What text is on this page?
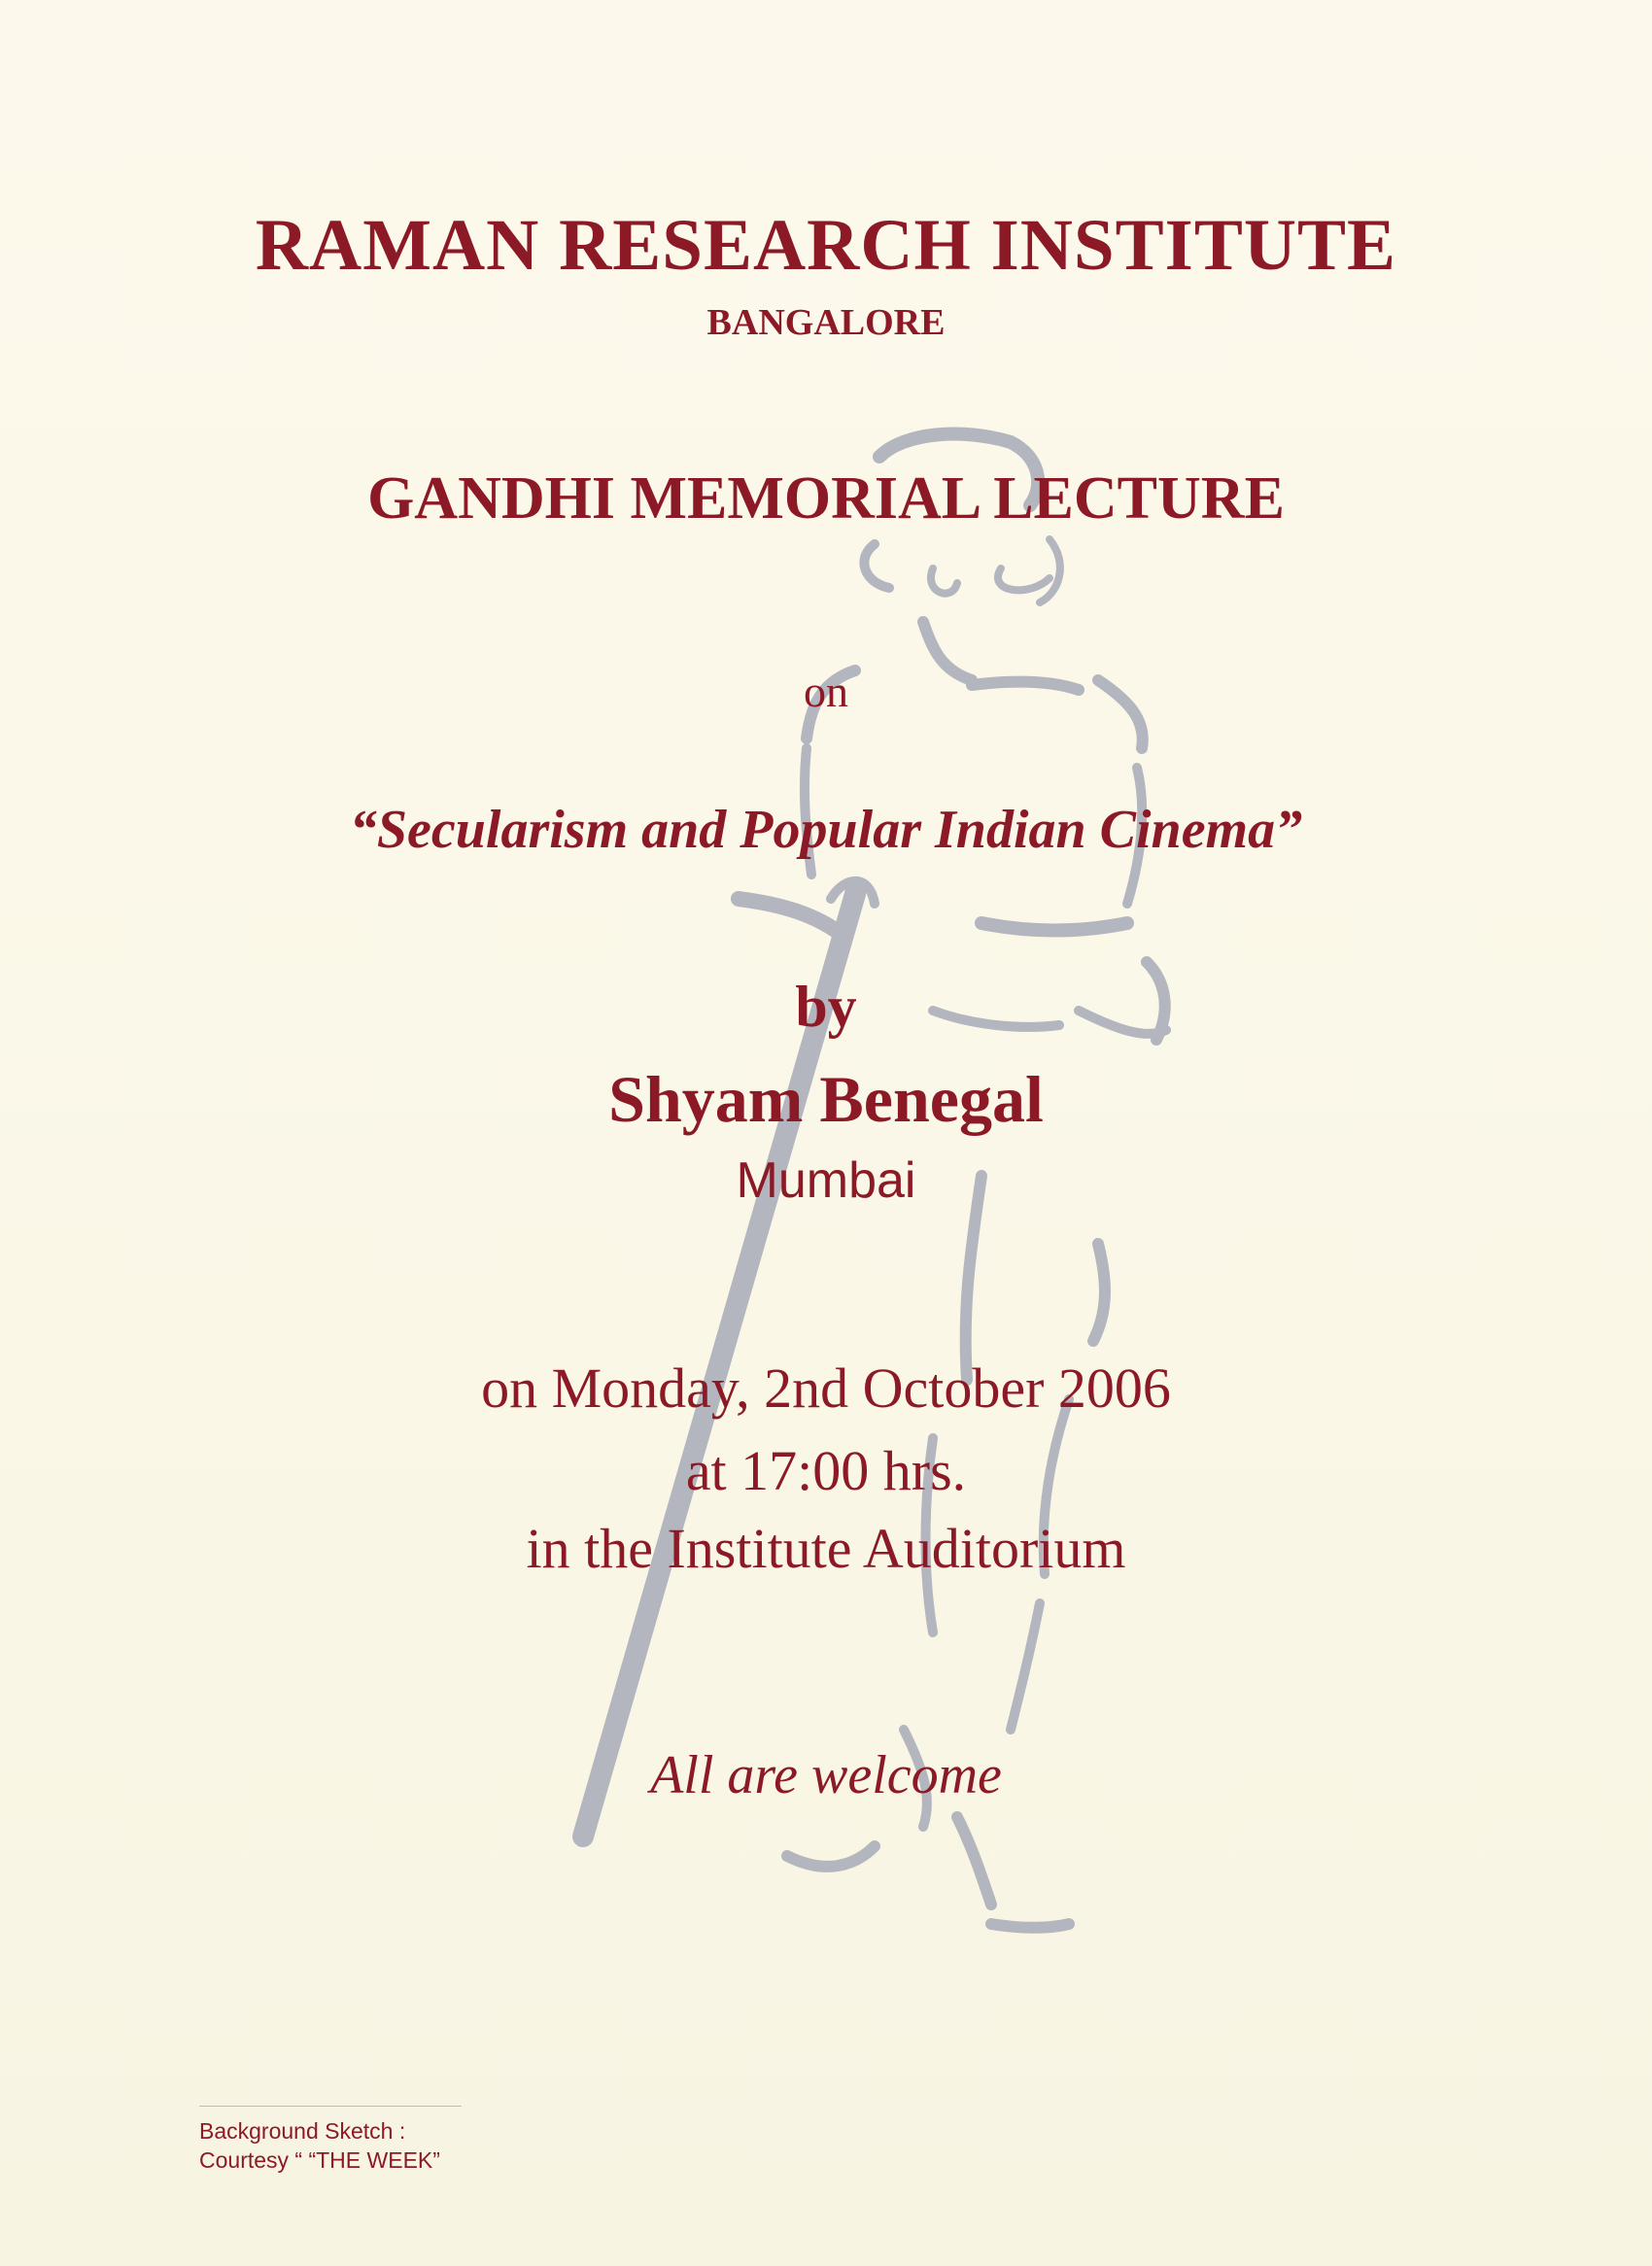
RAMAN RESEARCH INSTITUTE
BANGALORE
GANDHI MEMORIAL LECTURE
on
“Secularism and Popular Indian Cinema”
by
Shyam Benegal
Mumbai
on Monday, 2nd October 2006
at 17:00 hrs.
in the Institute Auditorium
All are welcome
Background Sketch :
Courtesy “ “THE WEEK”
